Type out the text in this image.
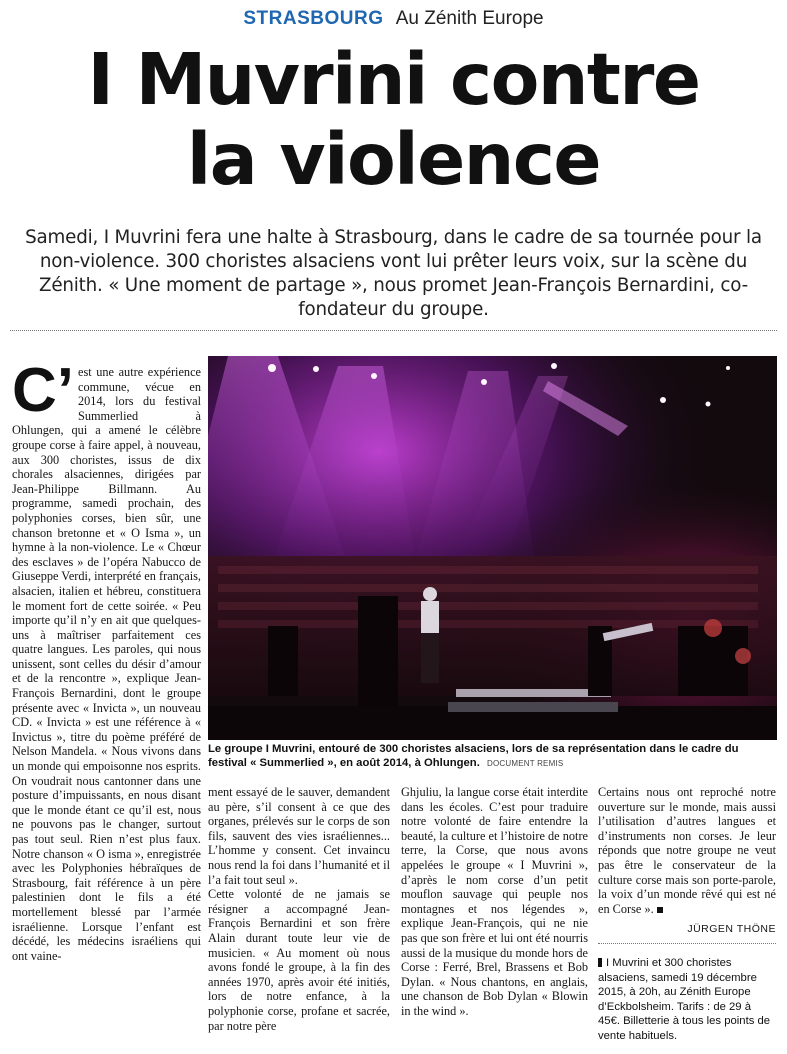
STRASBOURG Au Zénith Europe
I Muvrini contre
la violence

Samedi, I Muvrini fera une halte à Strasbourg, dans le cadre de sa tournée pour la non-violence. 300 choristes alsaciens vont lui prêter leurs voix, sur la scène du Zénith. « Une moment de partage », nous promet Jean-François Bernardini, co-fondateur du groupe.

C’ est une autre expérience commune, vécue en 2014, lors du festival Summerlied à Ohlungen, qui a amené le célèbre groupe corse à faire appel, à nouveau, aux 300 choristes, issus de dix chorales alsaciennes, dirigées par Jean-Philippe Billmann. Au programme, samedi prochain, des polyphonies corses, bien sûr, une chanson bretonne et « O Isma », un hymne à la non-violence. Le « Chœur des esclaves » de l’opéra Nabucco de Giuseppe Verdi, interprété en français, alsacien, italien et hébreu, constituera le moment fort de cette soirée. « Peu importe qu’il n’y en ait que quelques-uns à maîtriser parfaitement ces quatre langues. Les paroles, qui nous unissent, sont celles du désir d’amour et de la rencontre », explique Jean-François Bernardini, dont le groupe présente avec « Invicta », un nouveau CD. « Invicta » est une référence à « Invictus », titre du poème préféré de Nelson Mandela. « Nous vivons dans un monde qui empoisonne nos esprits. On voudrait nous cantonner dans une posture d’impuissants, en nous disant que le monde étant ce qu’il est, nous ne pouvons pas le changer, surtout pas tout seul. Rien n’est plus faux. Notre chanson « O isma », enregistrée avec les Polyphonies hébraïques de Strasbourg, fait référence à un père palestinien dont le fils a été mortellement blessé par l’armée israélienne. Lorsque l’enfant est décédé, les médecins israéliens qui ont vaine-

Le groupe I Muvrini, entouré de 300 choristes alsaciens, lors de sa représentation dans le cadre du festival « Summerlied », en août 2014, à Ohlungen. DOCUMENT REMIS

ment essayé de le sauver, demandent au père, s’il consent à ce que des organes, prélevés sur le corps de son fils, sauvent des vies israéliennes... L’homme y consent. Cet invaincu nous rend la foi dans l’humanité et il l’a fait tout seul ».

Cette volonté de ne jamais se résigner a accompagné Jean-François Bernardini et son frère Alain durant toute leur vie de musicien. « Au moment où nous avons fondé le groupe, à la fin des années 1970, après avoir été initiés, lors de notre enfance, à la polyphonie corse, profane et sacrée, par notre père

Ghjuliu, la langue corse était interdite dans les écoles. C’est pour traduire notre volonté de faire entendre la beauté, la culture et l’histoire de notre terre, la Corse, que nous avons appelées le groupe « I Muvrini », d’après le nom corse d’un petit mouflon sauvage qui peuple nos montagnes et nos légendes », explique Jean-François, qui ne nie pas que son frère et lui ont été nourris aussi de la musique du monde hors de Corse : Ferré, Brel, Brassens et Bob Dylan. « Nous chantons, en anglais, une chanson de Bob Dylan « Blowin in the wind ».

Certains nous ont reproché notre ouverture sur le monde, mais aussi l’utilisation d’autres langues et d’instruments non corses. Je leur réponds que notre groupe ne veut pas être le conservateur de la culture corse mais son porte-parole, la voix d’un monde rêvé qui est né en Corse ».

JÜRGEN THÖNE
I Muvrini et 300 choristes alsaciens, samedi 19 décembre 2015, à 20h, au Zénith Europe d’Eckbolsheim. Tarifs : de 29 à 45€. Billetterie à tous les points de vente habituels.
